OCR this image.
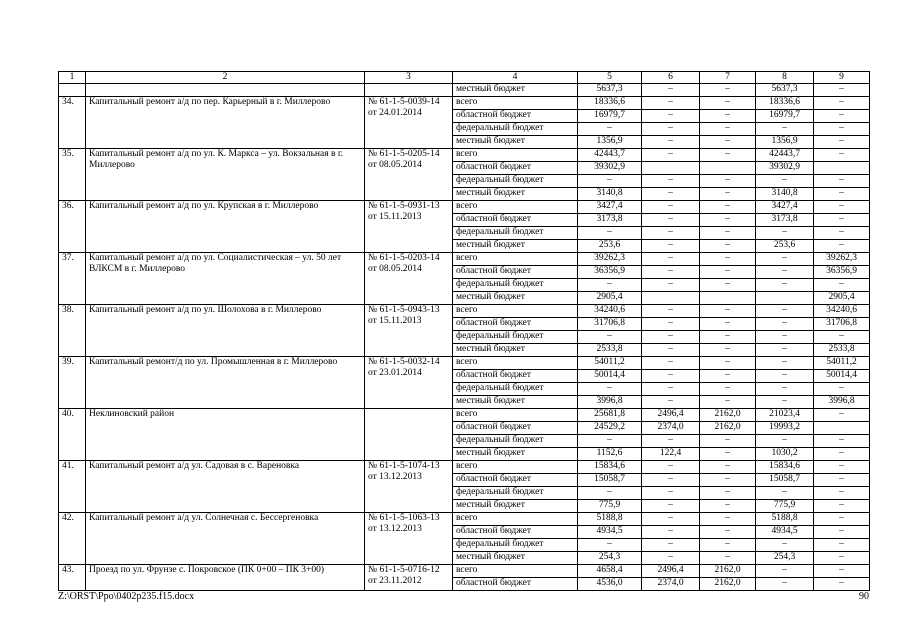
1	2	3	4	5	6	7	8	9
			местный бюджет	5637,3	–	–	5637,3	–
34.	Капитальный ремонт а/д по пер. Карьерный в г. Миллерово	№ 61-1-5-0039-14 от 24.01.2014	всего	18336,6	–	–	18336,6	–
			областной бюджет	16979,7	–	–	16979,7	–
			федеральный бюджет	–	–	–	–	–
			местный бюджет	1356,9	–	–	1356,9	–
35.	Капитальный ремонт а/д по ул. К. Маркса – ул. Вокзальная в г. Миллерово	№ 61-1-5-0205-14 от 08.05.2014	всего	42443,7	–	–	42443,7	–
			областной бюджет	39302,9			39302,9	
			федеральный бюджет	–	–	–	–	–
			местный бюджет	3140,8	–	–	3140,8	–
36.	Капитальный ремонт а/д по ул. Крупская в г. Миллерово	№ 61-1-5-0931-13 от 15.11.2013	всего	3427,4	–	–	3427,4	–
			областной бюджет	3173,8	–	–	3173,8	–
			федеральный бюджет	–	–	–	–	–
			местный бюджет	253,6	–	–	253,6	–
37.	Капитальный ремонт а/д по ул. Социалистическая – ул. 50 лет ВЛКСМ в г. Миллерово	№ 61-1-5-0203-14 от 08.05.2014	всего	39262,3	–	–	–	39262,3
			областной бюджет	36356,9	–	–	–	36356,9
			федеральный бюджет	–	–	–	–	–
			местный бюджет	2905,4				2905,4
38.	Капитальный ремонт а/д по ул. Шолохова в г. Миллерово	№ 61-1-5-0943-13 от 15.11.2013	всего	34240,6	–	–	–	34240,6
			областной бюджет	31706,8	–	–	–	31706,8
			федеральный бюджет	–	–	–	–	–
			местный бюджет	2533,8	–	–	–	2533,8
39.	Капитальный ремонт/д по ул. Промышленная в г. Миллерово	№ 61-1-5-0032-14 от 23.01.2014	всего	54011,2	–	–	–	54011,2
			областной бюджет	50014,4	–	–	–	50014,4
			федеральный бюджет	–	–	–	–	–
			местный бюджет	3996,8	–	–	–	3996,8
40.	Неклиновский район		всего	25681,8	2496,4	2162,0	21023,4	–
			областной бюджет	24529,2	2374,0	2162,0	19993,2	
			федеральный бюджет	–	–	–	–	–
			местный бюджет	1152,6	122,4	–	1030,2	–
41.	Капитальный ремонт а/д ул. Садовая в с. Вареновка	№ 61-1-5-1074-13 от 13.12.2013	всего	15834,6	–	–	15834,6	–
			областной бюджет	15058,7	–	–	15058,7	–
			федеральный бюджет	–	–	–	–	–
			местный бюджет	775,9	–	–	775,9	–
42.	Капитальный ремонт а/д ул. Солнечная с. Бессергеновка	№ 61-1-5-1063-13 от 13.12.2013	всего	5188,8	–	–	5188,8	–
			областной бюджет	4934,5	–	–	4934,5	–
			федеральный бюджет	–	–	–	–	–
			местный бюджет	254,3	–	–	254,3	–
43.	Проезд по ул. Фрунзе с. Покровское (ПК 0+00 – ПК 3+00)	№ 61-1-5-0716-12 от 23.11.2012	всего	4658,4	2496,4	2162,0	–	–
			областной бюджет	4536,0	2374,0	2162,0	–	–
Z:\ORST\Ppo\0402p235.f15.docx	90
